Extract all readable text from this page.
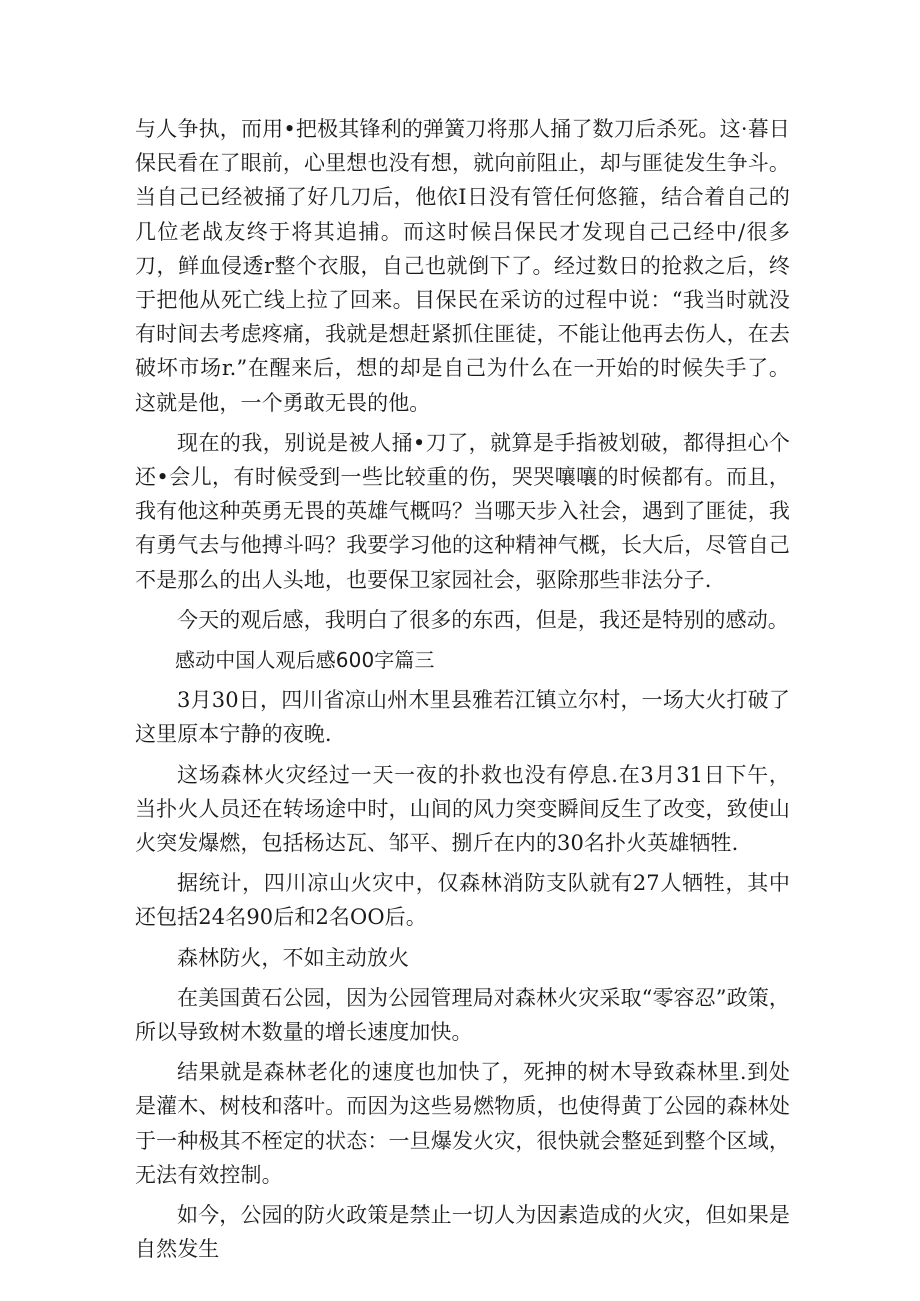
与人争执，而用•把极其锋利的弹簧刀将那人捅了数刀后杀死。这·暮日保民看在了眼前，心里想也没有想，就向前阻止，却与匪徒发生争斗。当自己已经被捅了好几刀后，他依I日没有管任何悠箍，结合着自己的几位老战友终于将其追捕。而这时候吕保民才发现自己己经中/很多刀，鲜血侵透r整个衣服，自己也就倒下了。经过数日的抢救之后，终于把他从死亡线上拉了回来。目保民在采访的过程中说：“我当时就没有时间去考虑疼痛，我就是想赶紧抓住匪徒，不能让他再去伤人，在去破坏市场r.”在醒来后，想的却是自己为什么在一开始的时候失手了。这就是他，一个勇敢无畏的他。

现在的我，别说是被人捅•刀了，就算是手指被划破，都得担心个还•会儿，有时候受到一些比较重的伤，哭哭嚷嚷的时候都有。而且，我有他这种英勇无畏的英雄气概吗？当哪天步入社会，遇到了匪徒，我有勇气去与他搏斗吗？我要学习他的这种精神气概，长大后，尽管自己不是那么的出人头地，也要保卫家园社会，驱除那些非法分子.

今天的观后感，我明白了很多的东西，但是，我还是特别的感动。

感动中国人观后感600字篇三

3月30日，四川省凉山州木里县雅若江镇立尔村，一场大火打破了这里原本宁静的夜晚.

这场森林火灾经过一天一夜的扑救也没有停息.在3月31日下午，当扑火人员还在转场途中时，山间的风力突变瞬间反生了改变，致使山火突发爆燃，包括杨达瓦、邹平、捌斤在内的30名扑火英雄牺牲.

据统计，四川凉山火灾中，仅森林消防支队就有27人牺牲，其中还包括24名90后和2名OO后。

森林防火，不如主动放火

在美国黄石公园，因为公园管理局对森林火灾采取“零容忍”政策，所以导致树木数量的增长速度加快。

结果就是森林老化的速度也加快了，死抻的树木导致森林里.到处是灌木、树枝和落叶。而因为这些易燃物质，也使得黄丁公园的森林处于一种极其不桎定的状态：一旦爆发火灾，很快就会整延到整个区域，无法有效控制。

如今，公园的防火政策是禁止一切人为因素造成的火灾，但如果是自然发生
